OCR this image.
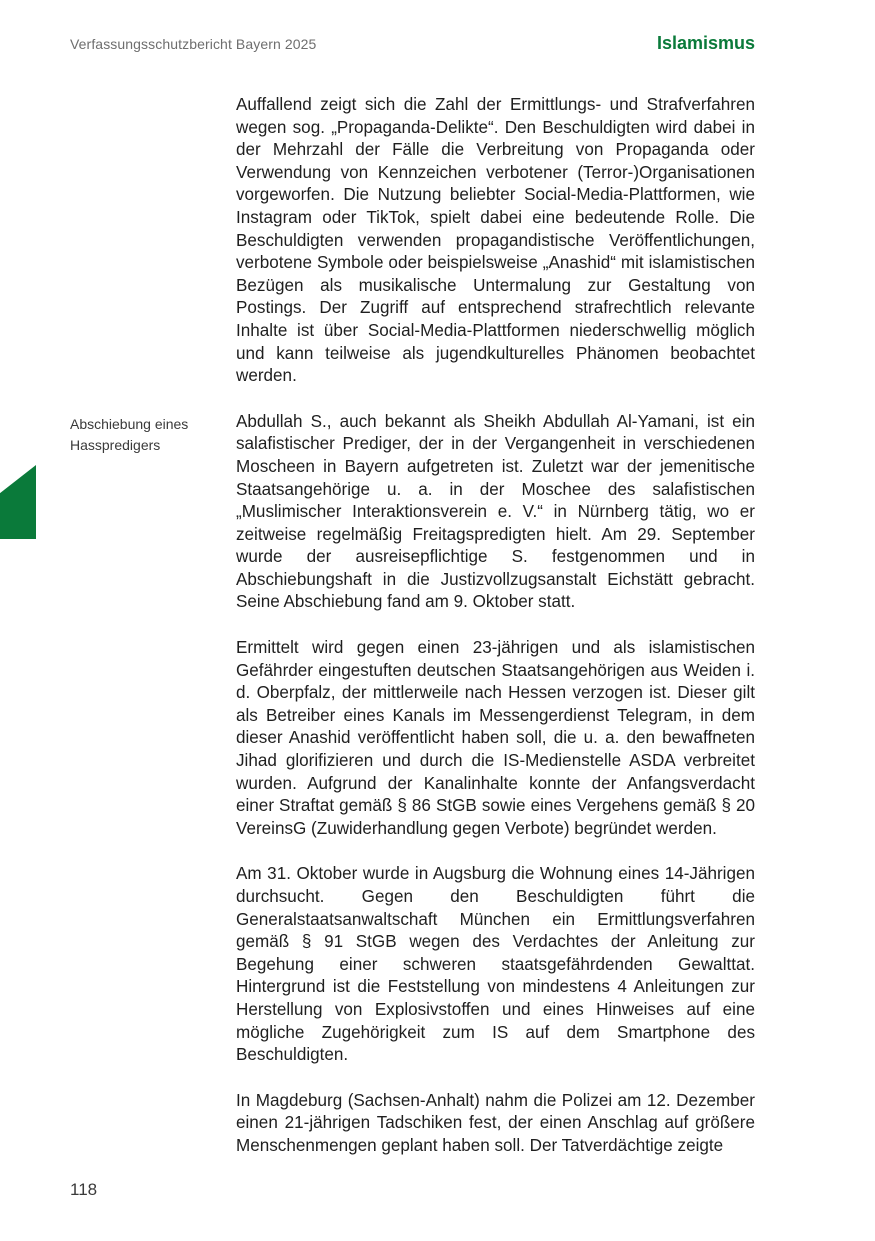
Verfassungsschutzbericht Bayern 2025	Islamismus
Abschiebung eines Hasspredigers

Auffallend zeigt sich die Zahl der Ermittlungs- und Strafverfahren wegen sog. „Propaganda-Delikte“. Den Beschuldigten wird dabei in der Mehrzahl der Fälle die Verbreitung von Propaganda oder Verwendung von Kennzeichen verbotener (Terror-)Organisationen vorgeworfen. Die Nutzung beliebter Social-Media-Plattformen, wie Instagram oder TikTok, spielt dabei eine bedeutende Rolle. Die Beschuldigten verwenden propagandistische Veröffentlichungen, verbotene Symbole oder beispielsweise „Anashid“ mit islamistischen Bezügen als musikalische Untermalung zur Gestaltung von Postings. Der Zugriff auf entsprechend strafrechtlich relevante Inhalte ist über Social-Media-Plattformen niederschwellig möglich und kann teilweise als jugendkulturelles Phänomen beobachtet werden.

Abdullah S., auch bekannt als Sheikh Abdullah Al-Yamani, ist ein salafistischer Prediger, der in der Vergangenheit in verschiedenen Moscheen in Bayern aufgetreten ist. Zuletzt war der jemenitische Staatsangehörige u. a. in der Moschee des salafistischen „Muslimischer Interaktionsverein e. V.“ in Nürnberg tätig, wo er zeitweise regelmäßig Freitagspredigten hielt. Am 29. September wurde der ausreisepflichtige S. festgenommen und in Abschiebungshaft in die Justizvollzugsanstalt Eichstätt gebracht. Seine Abschiebung fand am 9. Oktober statt.

Ermittelt wird gegen einen 23-jährigen und als islamistischen Gefährder eingestuften deutschen Staatsangehörigen aus Weiden i. d. Oberpfalz, der mittlerweile nach Hessen verzogen ist. Dieser gilt als Betreiber eines Kanals im Messengerdienst Telegram, in dem dieser Anashid veröffentlicht haben soll, die u. a. den bewaffneten Jihad glorifizieren und durch die IS-Medienstelle ASDA verbreitet wurden. Aufgrund der Kanalinhalte konnte der Anfangsverdacht einer Straftat gemäß § 86 StGB sowie eines Vergehens gemäß § 20 VereinsG (Zuwiderhandlung gegen Verbote) begründet werden.

Am 31. Oktober wurde in Augsburg die Wohnung eines 14-Jährigen durchsucht. Gegen den Beschuldigten führt die Generalstaatsanwaltschaft München ein Ermittlungsverfahren gemäß § 91 StGB wegen des Verdachtes der Anleitung zur Begehung einer schweren staatsgefährdenden Gewalttat. Hintergrund ist die Feststellung von mindestens 4 Anleitungen zur Herstellung von Explosivstoffen und eines Hinweises auf eine mögliche Zugehörigkeit zum IS auf dem Smartphone des Beschuldigten.

In Magdeburg (Sachsen-Anhalt) nahm die Polizei am 12. Dezember einen 21-jährigen Tadschiken fest, der einen Anschlag auf größere Menschenmengen geplant haben soll. Der Tatverdächtige zeigte

118
